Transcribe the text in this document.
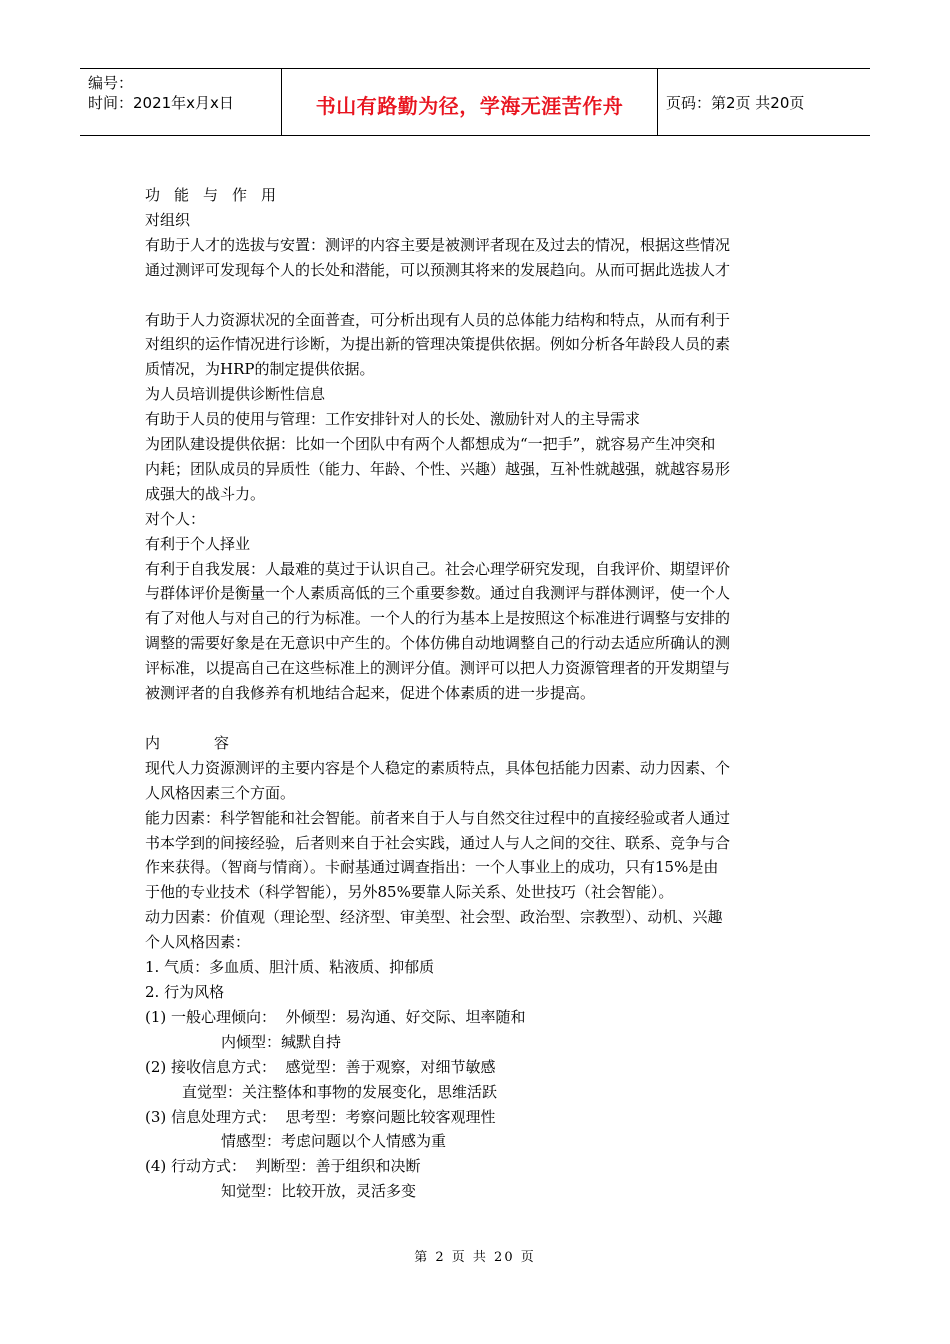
编号：
时间：2021年x月x日	书山有路勤为径，学海无涯苦作舟	页码：第2页 共20页

功能与作用

对组织

有助于人才的选拔与安置：测评的内容主要是被测评者现在及过去的情况，根据这些情况

通过测评可发现每个人的长处和潜能，可以预测其将来的发展趋向。从而可据此选拔人才

有助于人力资源状况的全面普查，可分析出现有人员的总体能力结构和特点，从而有利于

对组织的运作情况进行诊断，为提出新的管理决策提供依据。例如分析各年龄段人员的素

质情况，为HRP的制定提供依据。

为人员培训提供诊断性信息

有助于人员的使用与管理：工作安排针对人的长处、激励针对人的主导需求

为团队建设提供依据：比如一个团队中有两个人都想成为“一把手”，就容易产生冲突和

内耗；团队成员的异质性（能力、年龄、个性、兴趣）越强，互补性就越强，就越容易形

成强大的战斗力。

对个人：

有利于个人择业

有利于自我发展：人最难的莫过于认识自己。社会心理学研究发现，自我评价、期望评价

与群体评价是衡量一个人素质高低的三个重要参数。通过自我测评与群体测评，使一个人

有了对他人与对自己的行为标准。一个人的行为基本上是按照这个标准进行调整与安排的

调整的需要好象是在无意识中产生的。个体仿佛自动地调整自己的行动去适应所确认的测

评标准，以提高自己在这些标准上的测评分值。测评可以把人力资源管理者的开发期望与

被测评者的自我修养有机地结合起来，促进个体素质的进一步提高。

内	容

现代人力资源测评的主要内容是个人稳定的素质特点，具体包括能力因素、动力因素、个

人风格因素三个方面。

能力因素：科学智能和社会智能。前者来自于人与自然交往过程中的直接经验或者人通过

书本学到的间接经验，后者则来自于社会实践，通过人与人之间的交往、联系、竞争与合

作来获得。（智商与情商）。卡耐基通过调查指出：一个人事业上的成功，只有15%是由

于他的专业技术（科学智能），另外85%要靠人际关系、处世技巧（社会智能）。

动力因素：价值观（理论型、经济型、审美型、社会型、政治型、宗教型）、动机、兴趣

个人风格因素：

1. 气质：多血质、胆汁质、粘液质、抑郁质

2. 行为风格

(1) 一般心理倾向：  外倾型：易沟通、好交际、坦率随和

内倾型：缄默自持

(2) 接收信息方式：  感觉型：善于观察，对细节敏感

直觉型：关注整体和事物的发展变化，思维活跃

(3) 信息处理方式：  思考型：考察问题比较客观理性

情感型：考虑问题以个人情感为重

(4) 行动方式：  判断型：善于组织和决断

知觉型：比较开放，灵活多变

第 2 页 共 20 页
